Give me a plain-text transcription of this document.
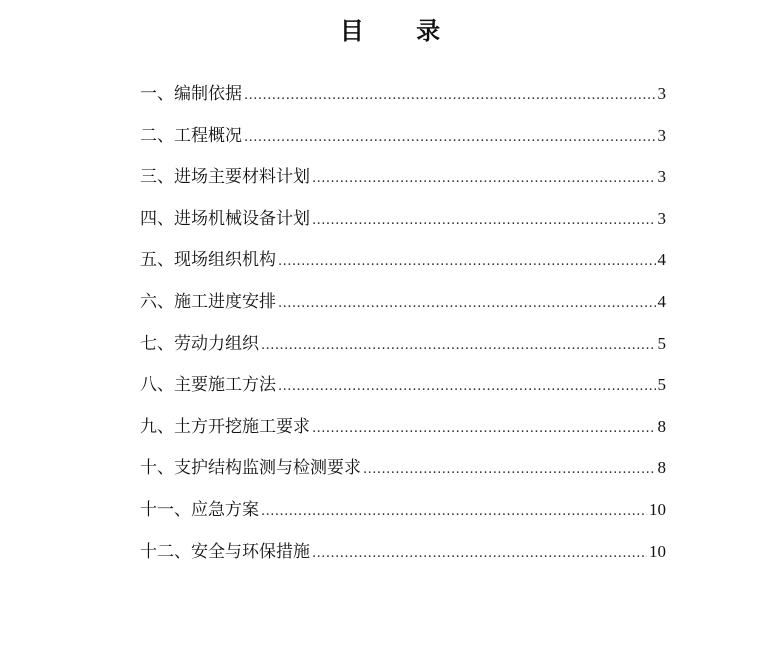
目 录
一、编制依据 .....	3
二、工程概况 .....	3
三、进场主要材料计划 .....	3
四、进场机械设备计划 .....	3
五、现场组织机构 .....	4
六、施工进度安排 .....	4
七、劳动力组织 .....	5
八、主要施工方法 .....	5
九、土方开挖施工要求 .....	8
十、支护结构监测与检测要求 .....	8
十一、应急方案 .....	10
十二、安全与环保措施 .....	10
